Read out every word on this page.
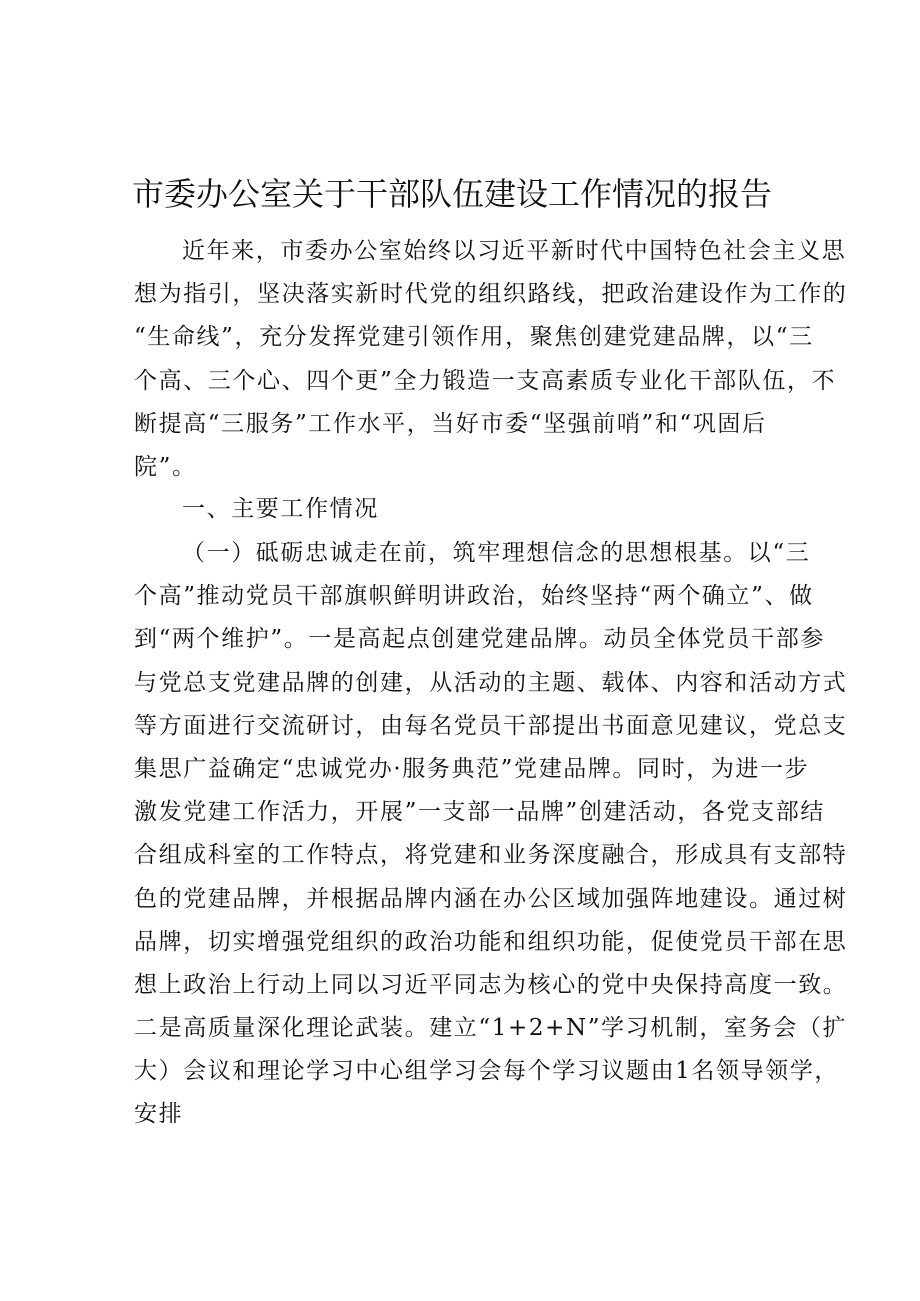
市委办公室关于干部队伍建设工作情况的报告
近年来，市委办公室始终以习近平新时代中国特色社会主义思
想为指引，坚决落实新时代党的组织路线，把政治建设作为工作的
“生命线”，充分发挥党建引领作用，聚焦创建党建品牌，以“三
个高、三个心、四个更”全力锻造一支高素质专业化干部队伍，不
断提高“三服务”工作水平，当好市委“坚强前哨”和“巩固后
院”。
一、主要工作情况
（一）砥砺忠诚走在前，筑牢理想信念的思想根基。以“三
个高”推动党员干部旗帜鲜明讲政治，始终坚持“两个确立”、做
到“两个维护”。一是高起点创建党建品牌。动员全体党员干部参
与党总支党建品牌的创建，从活动的主题、载体、内容和活动方式
等方面进行交流研讨，由每名党员干部提出书面意见建议，党总支
集思广益确定“忠诚党办·服务典范”党建品牌。同时，为进一步
激发党建工作活力，开展”一支部一品牌”创建活动，各党支部结
合组成科室的工作特点，将党建和业务深度融合，形成具有支部特
色的党建品牌，并根据品牌内涵在办公区域加强阵地建设。通过树
品牌，切实增强党组织的政治功能和组织功能，促使党员干部在思
想上政治上行动上同以习近平同志为核心的党中央保持高度一致。
二是高质量深化理论武装。建立“1+2+N”学习机制，室务会（扩
大）会议和理论学习中心组学习会每个学习议题由1名领导领学，
安排
